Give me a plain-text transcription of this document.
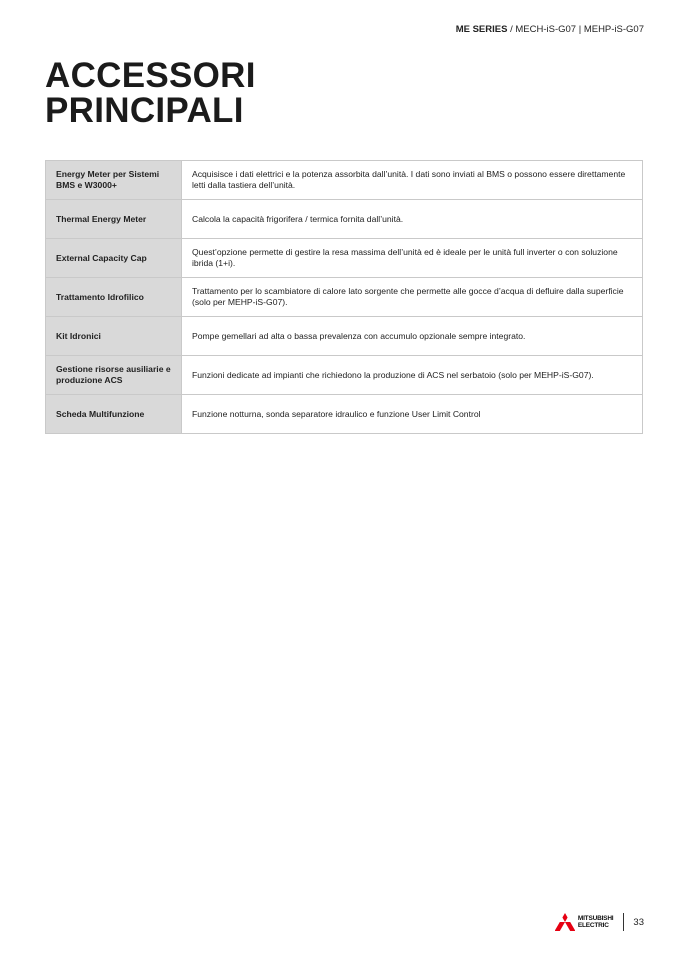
ME SERIES / MECH-iS-G07 | MEHP-iS-G07
ACCESSORI
PRINCIPALI
Energy Meter per Sistemi BMS e W3000+	Acquisisce i dati elettrici e la potenza assorbita dall’unità. I dati sono inviati al BMS o possono essere direttamente letti dalla tastiera dell’unità.
Thermal Energy Meter	Calcola la capacità frigorifera / termica fornita dall’unità.
External Capacity Cap	Quest’opzione permette di gestire la resa massima dell’unità ed è ideale per le unità full inverter o con soluzione ibrida (1+i).
Trattamento Idrofilico	Trattamento per lo scambiatore di calore lato sorgente che permette alle gocce d’acqua di defluire dalla superficie (solo per MEHP-iS-G07).
Kit Idronici	Pompe gemellari ad alta o bassa prevalenza con accumulo opzionale sempre integrato.
Gestione risorse ausiliarie e produzione ACS	Funzioni dedicate ad impianti che richiedono la produzione di ACS nel serbatoio (solo per MEHP-iS-G07).
Scheda Multifunzione	Funzione notturna, sonda separatore idraulico e funzione User Limit Control
MITSUBISHI
ELECTRIC	33
